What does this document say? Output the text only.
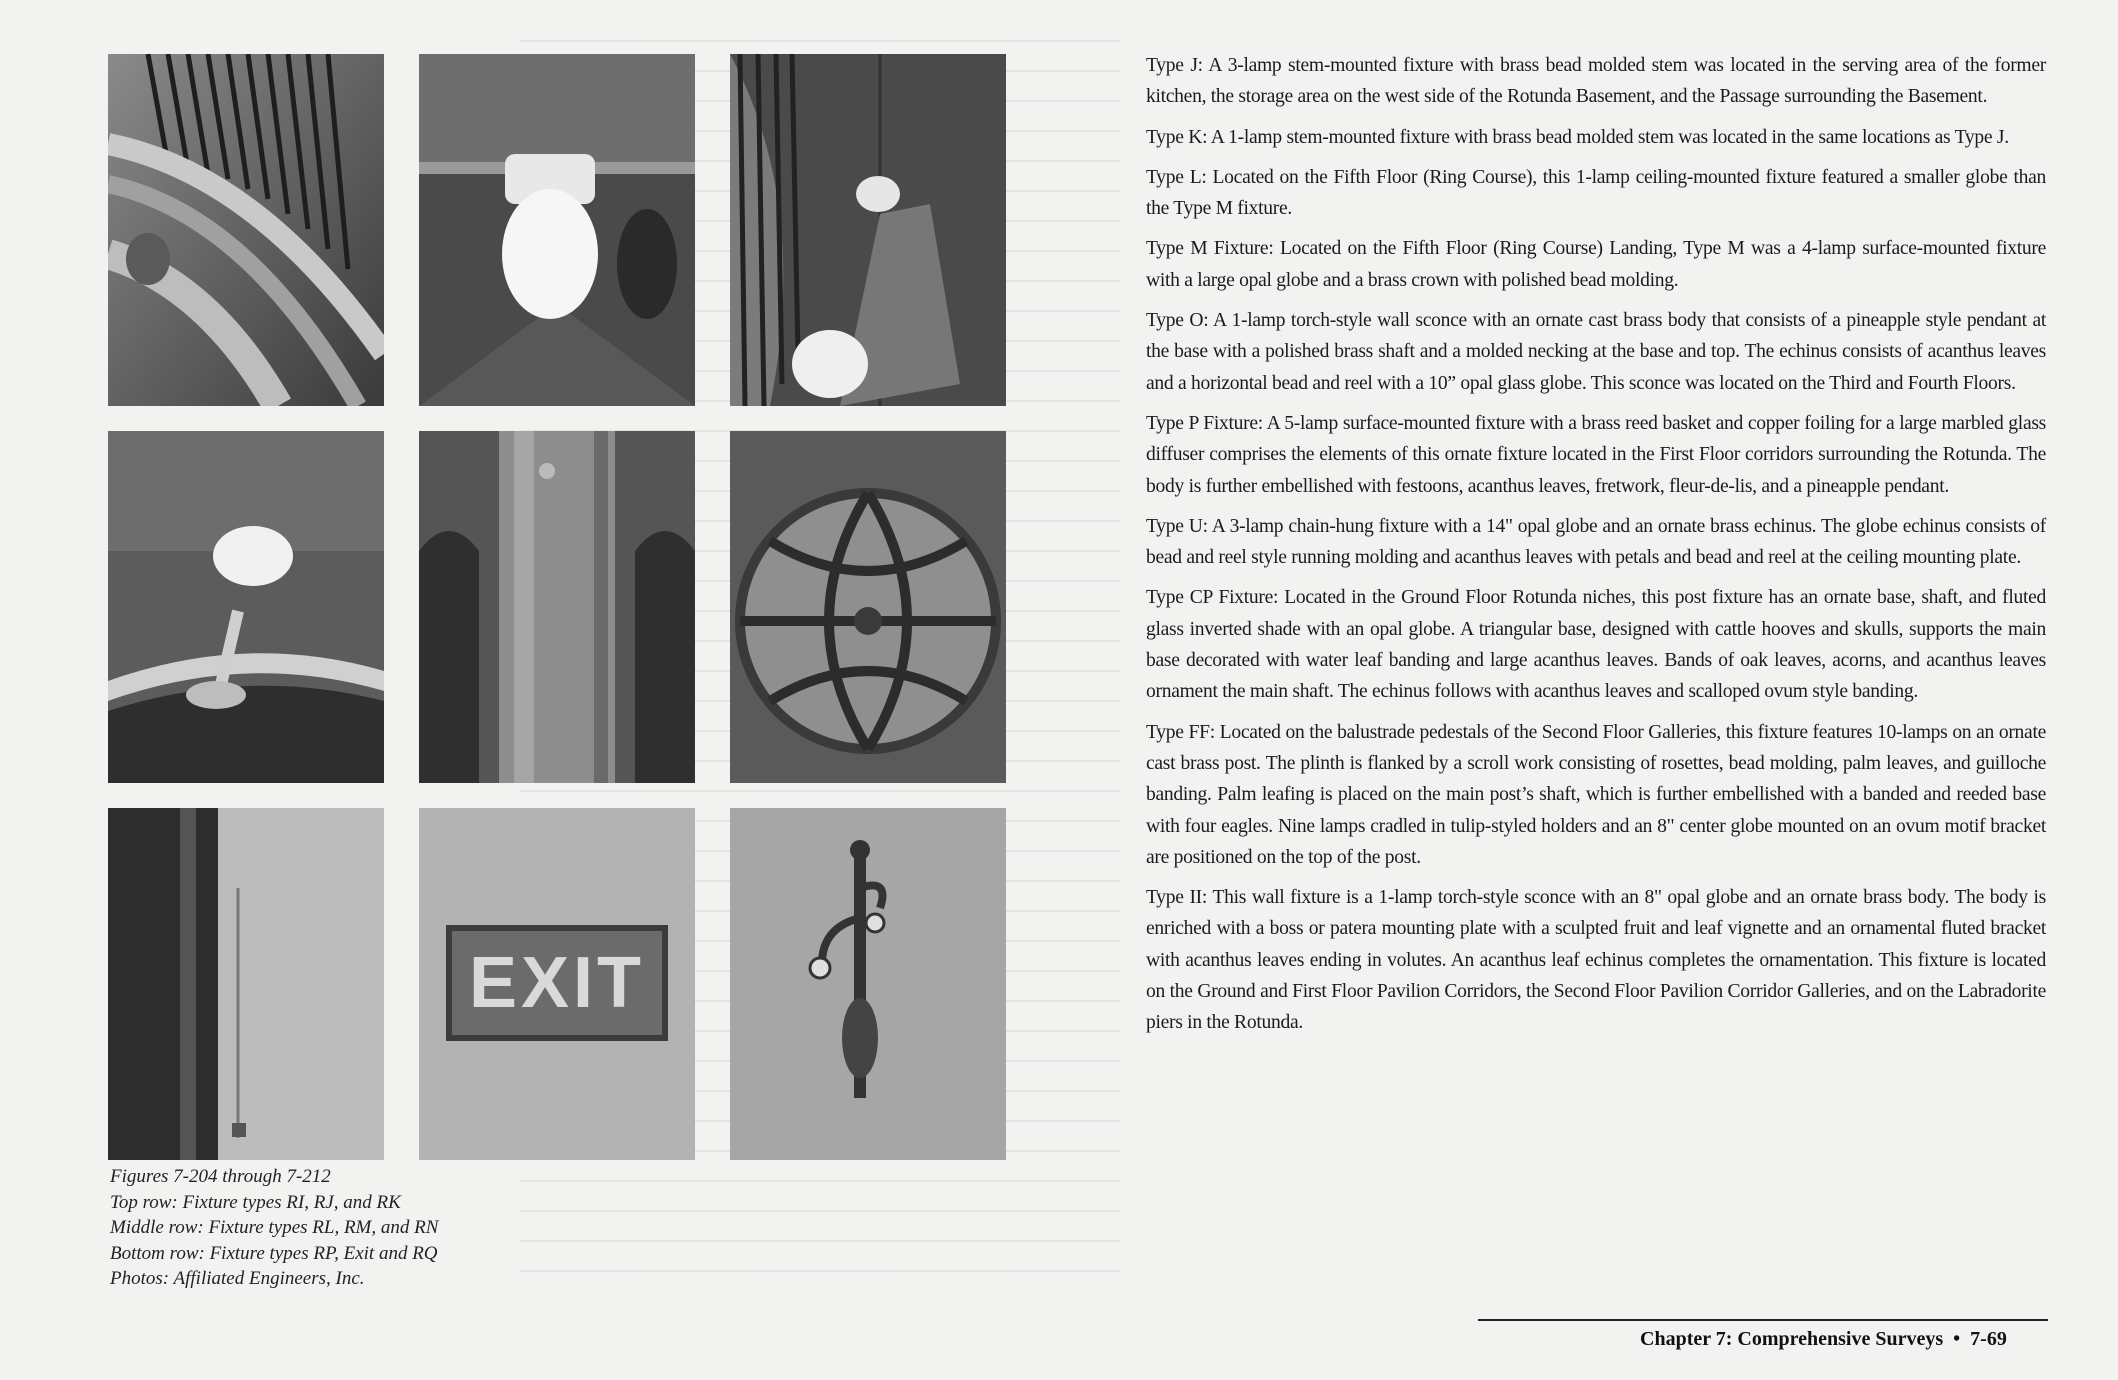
EXIT
Figures 7-204 through 7-212
Top row: Fixture types RI, RJ, and RK
Middle row: Fixture types RL, RM, and RN
Bottom row: Fixture types RP, Exit and RQ
Photos: Affiliated Engineers, Inc.

Type J: A 3-lamp stem-mounted fixture with brass bead molded stem was located in the serving area of the former kitchen, the storage area on the west side of the Rotunda Basement, and the Passage surrounding the Basement.

Type K: A 1-lamp stem-mounted fixture with brass bead molded stem was located in the same locations as Type J.

Type L: Located on the Fifth Floor (Ring Course), this 1-lamp ceiling-mounted fixture featured a smaller globe than the Type M fixture.

Type M Fixture: Located on the Fifth Floor (Ring Course) Landing, Type M was a 4-lamp surface-mounted fixture with a large opal globe and a brass crown with polished bead molding.

Type O: A 1-lamp torch-style wall sconce with an ornate cast brass body that consists of a pineapple style pendant at the base with a polished brass shaft and a molded necking at the base and top. The echinus consists of acanthus leaves and a horizontal bead and reel with a 10” opal glass globe. This sconce was located on the Third and Fourth Floors.

Type P Fixture: A 5-lamp surface-mounted fixture with a brass reed basket and copper foiling for a large marbled glass diffuser comprises the elements of this ornate fixture located in the First Floor corridors surrounding the Rotunda. The body is further embellished with festoons, acanthus leaves, fretwork, fleur-de-lis, and a pineapple pendant.

Type U: A 3-lamp chain-hung fixture with a 14" opal globe and an ornate brass echinus. The globe echinus consists of bead and reel style running molding and acanthus leaves with petals and bead and reel at the ceiling mounting plate.

Type CP Fixture: Located in the Ground Floor Rotunda niches, this post fixture has an ornate base, shaft, and fluted glass inverted shade with an opal globe. A triangular base, designed with cattle hooves and skulls, supports the main base decorated with water leaf banding and large acanthus leaves. Bands of oak leaves, acorns, and acanthus leaves ornament the main shaft. The echinus follows with acanthus leaves and scalloped ovum style banding.

Type FF: Located on the balustrade pedestals of the Second Floor Galleries, this fixture features 10-lamps on an ornate cast brass post. The plinth is flanked by a scroll work consisting of rosettes, bead molding, palm leaves, and guilloche banding. Palm leafing is placed on the main post’s shaft, which is further embellished with a banded and reeded base with four eagles. Nine lamps cradled in tulip-styled holders and an 8" center globe mounted on an ovum motif bracket are positioned on the top of the post.

Type II: This wall fixture is a 1-lamp torch-style sconce with an 8" opal globe and an ornate brass body. The body is enriched with a boss or patera mounting plate with a sculpted fruit and leaf vignette and an ornamental fluted bracket with acanthus leaves ending in volutes. An acanthus leaf echinus completes the ornamentation. This fixture is located on the Ground and First Floor Pavilion Corridors, the Second Floor Pavilion Corridor Galleries, and on the Labradorite piers in the Rotunda.

Chapter 7: Comprehensive Surveys • 7-69
